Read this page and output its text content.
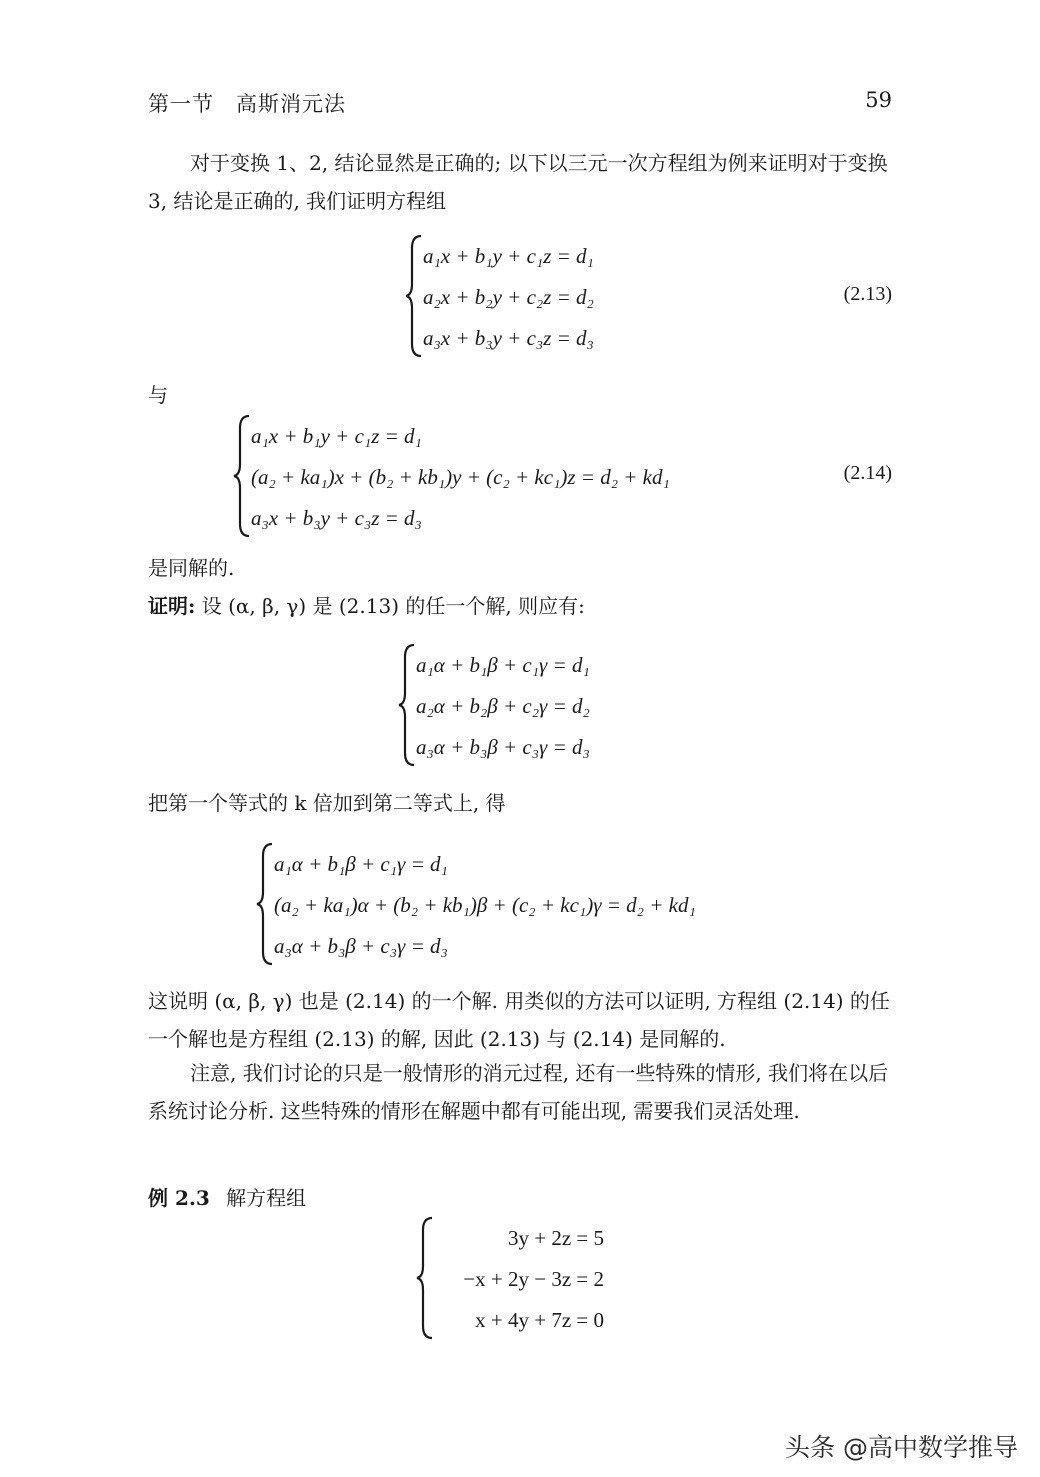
第一节　高斯消元法	59
对于变换 1、2, 结论显然是正确的; 以下以三元一次方程组为例来证明对于变换 3, 结论是正确的, 我们证明方程组
a₁x + b₁y + c₁z = d₁
a₂x + b₂y + c₂z = d₂
a₃x + b₃y + c₃z = d₃
(2.13)
与
a₁x + b₁y + c₁z = d₁
(a₂ + ka₁)x + (b₂ + kb₁)y + (c₂ + kc₁)z = d₂ + kd₁
a₃x + b₃y + c₃z = d₃
(2.14)
是同解的.
证明: 设 (α, β, γ) 是 (2.13) 的任一个解, 则应有:
a₁α + b₁β + c₁γ = d₁
a₂α + b₂β + c₂γ = d₂
a₃α + b₃β + c₃γ = d₃
把第一个等式的 k 倍加到第二等式上, 得
a₁α + b₁β + c₁γ = d₁
(a₂ + ka₁)α + (b₂ + kb₁)β + (c₂ + kc₁)γ = d₂ + kd₁
a₃α + b₃β + c₃γ = d₃
这说明 (α, β, γ) 也是 (2.14) 的一个解. 用类似的方法可以证明, 方程组 (2.14) 的任一个解也是方程组 (2.13) 的解, 因此 (2.13) 与 (2.14) 是同解的.
注意, 我们讨论的只是一般情形的消元过程, 还有一些特殊的情形, 我们将在以后系统讨论分析. 这些特殊的情形在解题中都有可能出现, 需要我们灵活处理.
例 2.3 解方程组
3y + 2z = 5
−x + 2y − 3z = 2
x + 4y + 7z = 0
头条 @高中数学推导
